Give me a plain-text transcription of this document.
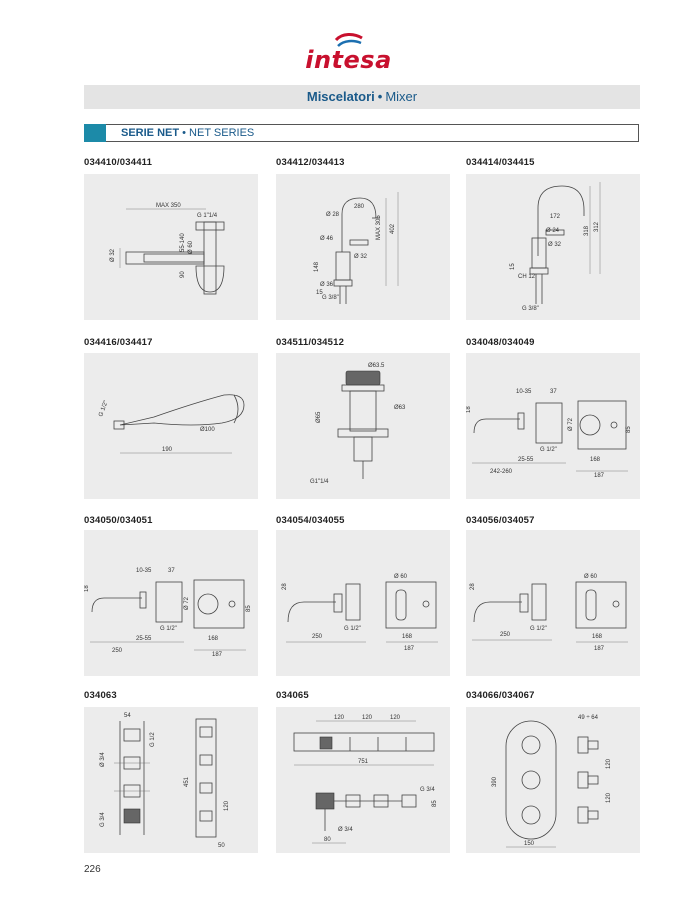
intesa
Miscelatori • Mixer
SERIE NET • NET SERIES
034410/034411
MAX 350
G 1"1/4
Ø 32
Ø 60
55-140
90
034412/034413
280
Ø 28
MAX 305 402
Ø 46
Ø 32
Ø 36
148
15
G 3/8"
034414/034415
172
Ø 24	318 312
Ø 32
CH 12
15
G 3/8"
034416/034417
G 1/2"
Ø100
190
034511/034512
Ø63.5
Ø65
Ø63
G1"1/4
034048/034049
10-35	37
18
Ø 72
G 1/2"
85
168
187
242-260
25-55
034050/034051
10-35	37
18
Ø 72
G 1/2"
85
168
187
250
25-55
034054/034055
28
Ø 60
G 1/2"
168
187
250
034056/034057
28
Ø 60
G 1/2"
168
187
250
034063
54
Ø 3/4
G 1/2
G 3/4
120
451
50
034065
120	120	120
751
G 3/4
Ø 3/4
80
85
034066/034067
49 ÷ 64
390
120
120
150
226
